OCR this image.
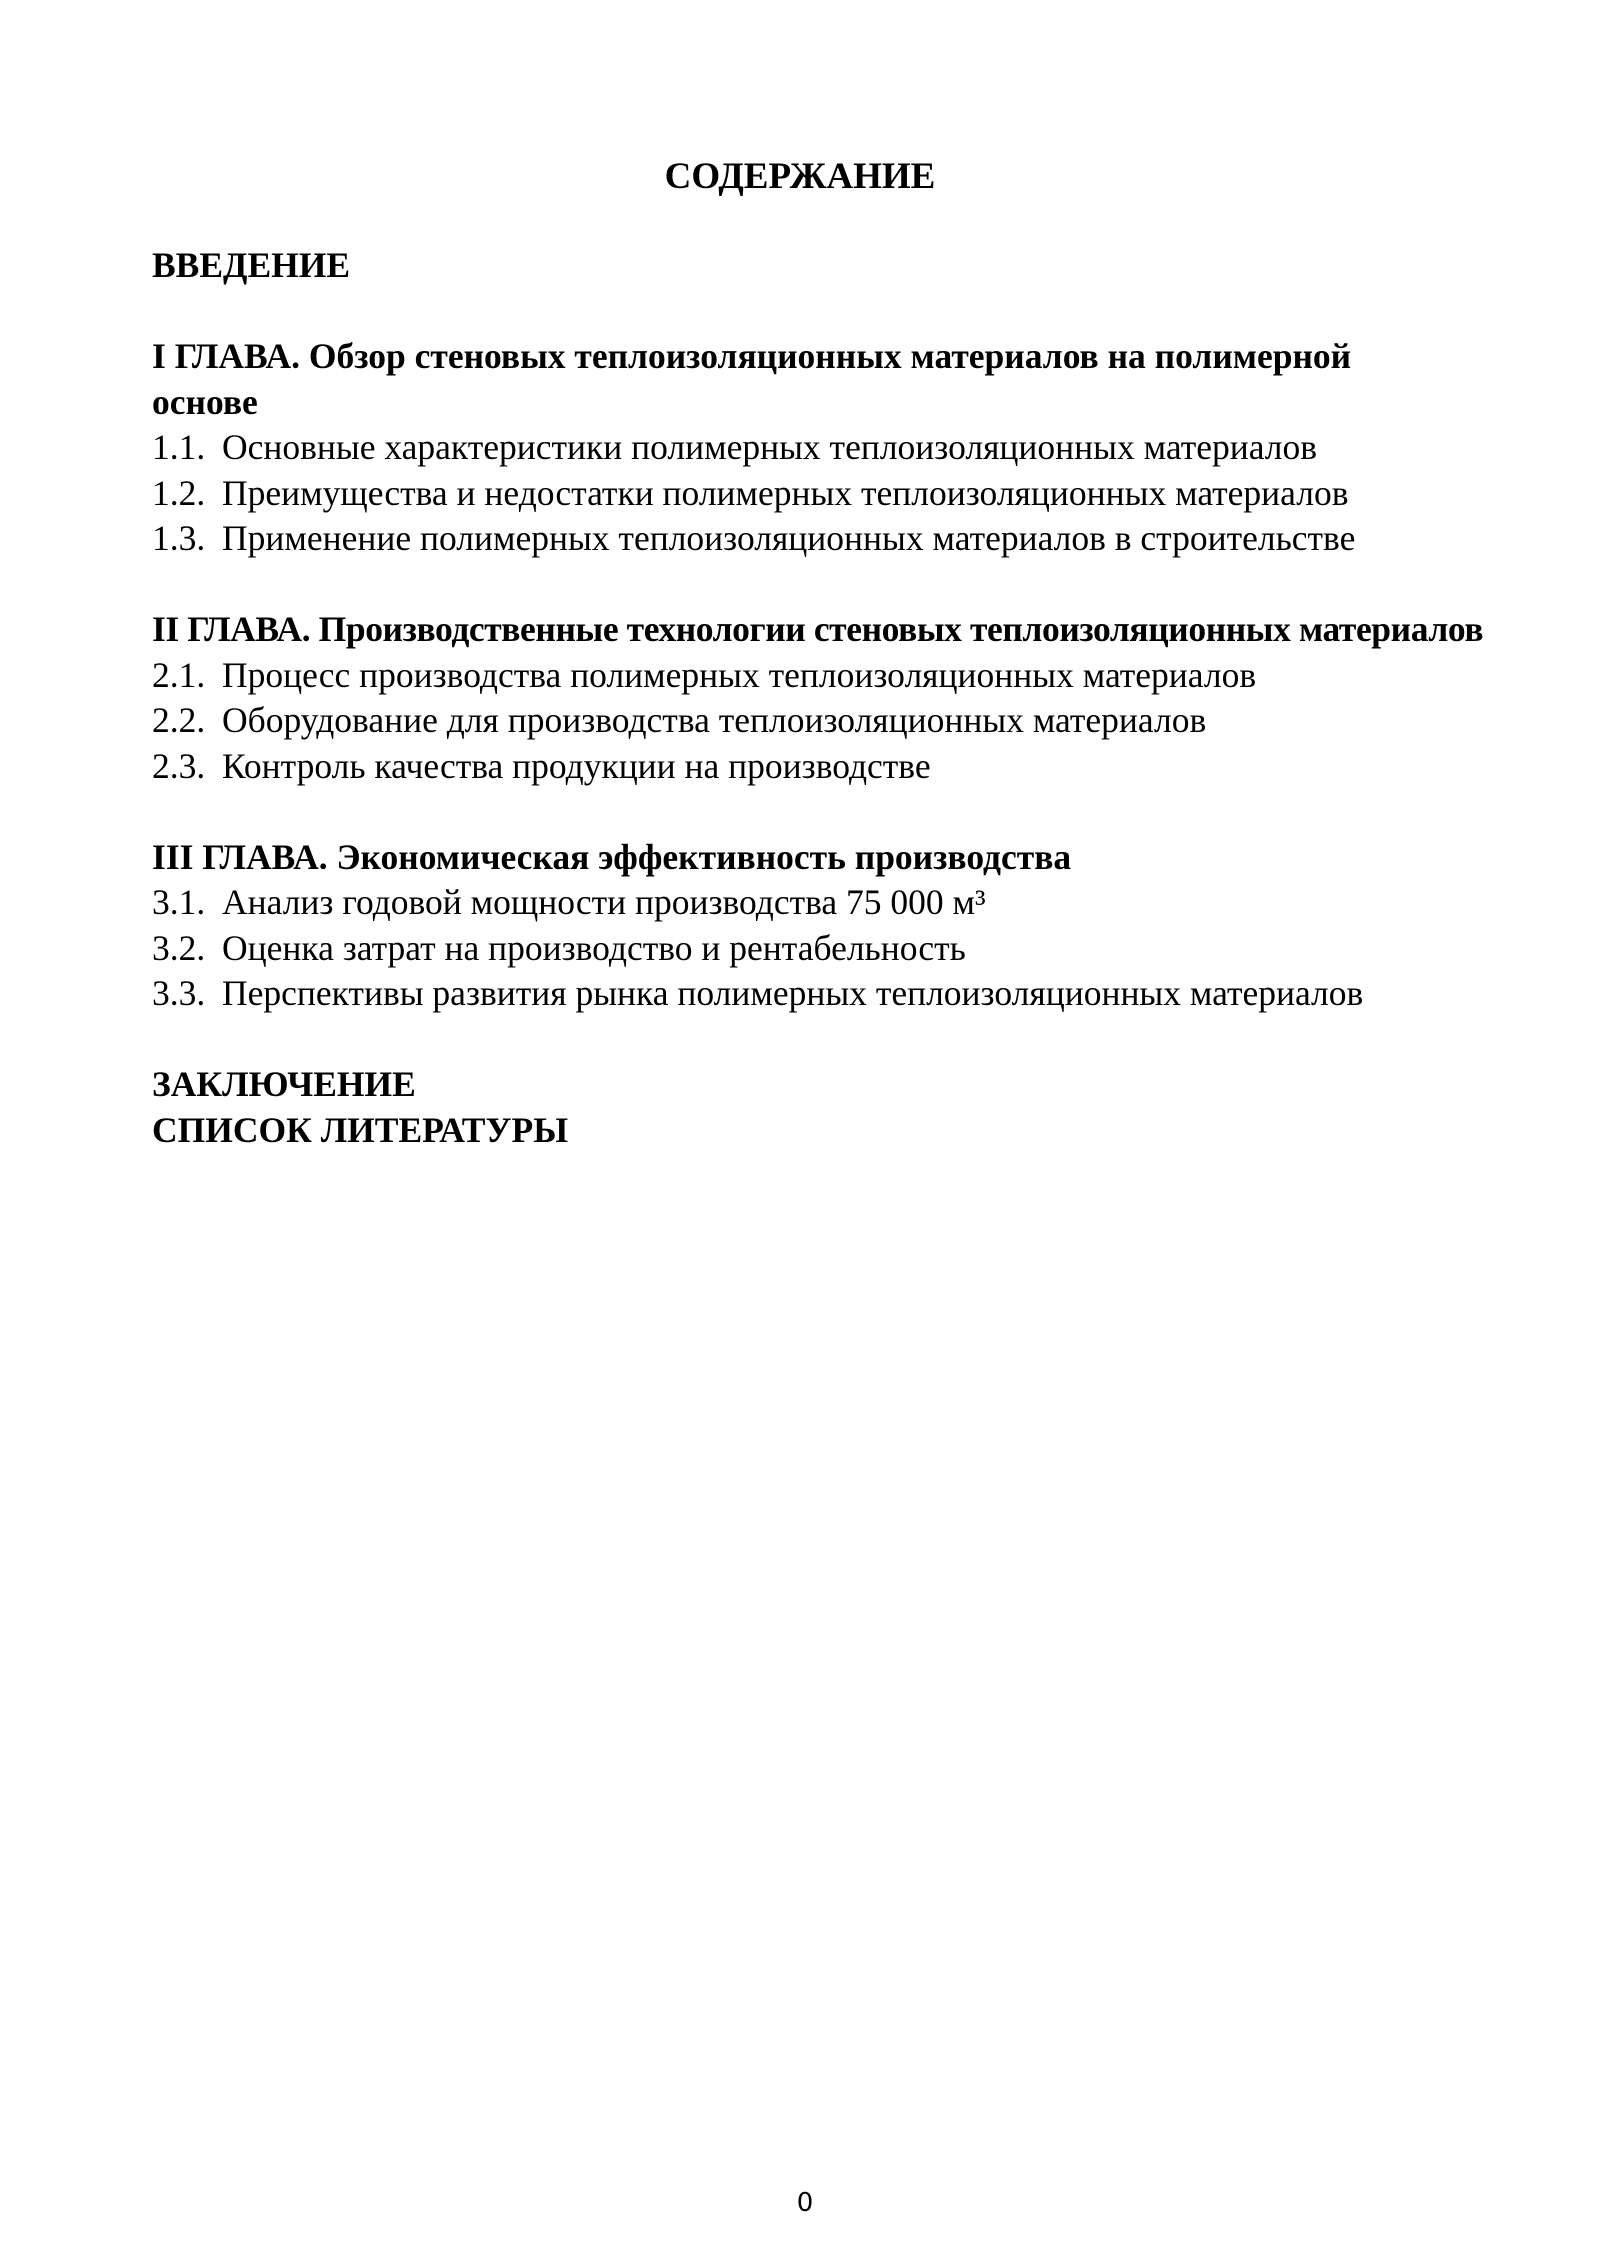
СОДЕРЖАНИЕ

ВВЕДЕНИЕ

I ГЛАВА. Обзор стеновых теплоизоляционных материалов на полимерной основе

1.1. Основные характеристики полимерных теплоизоляционных материалов

1.2. Преимущества и недостатки полимерных теплоизоляционных материалов

1.3. Применение полимерных теплоизоляционных материалов в строительстве

II ГЛАВА. Производственные технологии стеновых теплоизоляционных материалов

2.1. Процесс производства полимерных теплоизоляционных материалов

2.2. Оборудование для производства теплоизоляционных материалов

2.3. Контроль качества продукции на производстве

III ГЛАВА. Экономическая эффективность производства

3.1. Анализ годовой мощности производства 75 000 м³

3.2. Оценка затрат на производство и рентабельность

3.3. Перспективы развития рынка полимерных теплоизоляционных материалов

ЗАКЛЮЧЕНИЕ

СПИСОК ЛИТЕРАТУРЫ

0
